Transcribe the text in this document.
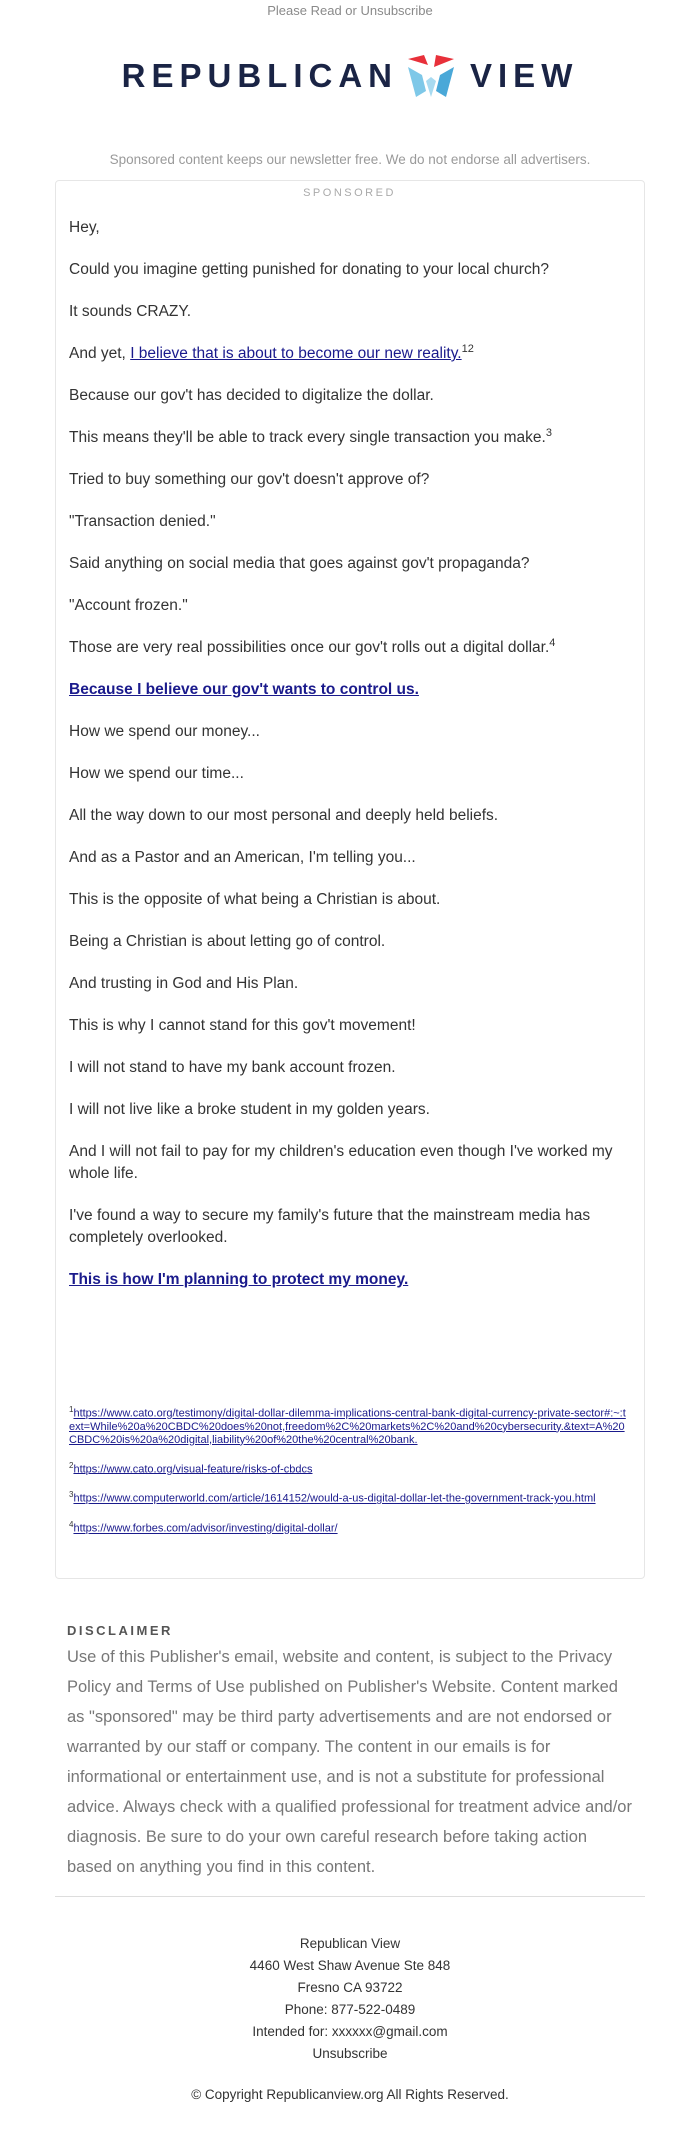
Please Read or Unsubscribe
REPUBLICAN VIEW
Sponsored content keeps our newsletter free. We do not endorse all advertisers.
SPONSORED

Hey,

Could you imagine getting punished for donating to your local church?

It sounds CRAZY.

And yet, I believe that is about to become our new reality.$^{12}$

Because our gov't has decided to digitalize the dollar.

This means they'll be able to track every single transaction you make.$^3$

Tried to buy something our gov't doesn't approve of?

"Transaction denied."

Said anything on social media that goes against gov't propaganda?

"Account frozen."

Those are very real possibilities once our gov't rolls out a digital dollar.$^4$

Because I believe our gov't wants to control us.

How we spend our money...

How we spend our time...

All the way down to our most personal and deeply held beliefs.

And as a Pastor and an American, I'm telling you...

This is the opposite of what being a Christian is about.

Being a Christian is about letting go of control.

And trusting in God and His Plan.

This is why I cannot stand for this gov't movement!

I will not stand to have my bank account frozen.

I will not live like a broke student in my golden years.

And I will not fail to pay for my children's education even though I've worked my whole life.

I've found a way to secure my family's future that the mainstream media has completely overlooked.

This is how I'm planning to protect my money.

$^1$https://www.cato.org/testimony/digital-dollar-dilemma-implications-central-bank-digital-currency-private-sector#:~:text=While%20a%20CBDC%20does%20not,freedom%2C%20markets%2C%20and%20cybersecurity.&text=A%20CBDC%20is%20a%20digital,liability%20of%20the%20central%20bank.
$^2$https://www.cato.org/visual-feature/risks-of-cbdcs
$^3$https://www.computerworld.com/article/1614152/would-a-us-digital-dollar-let-the-government-track-you.html
$^4$https://www.forbes.com/advisor/investing/digital-dollar/
DISCLAIMER

Use of this Publisher's email, website and content, is subject to the Privacy Policy and Terms of Use published on Publisher's Website. Content marked as "sponsored" may be third party advertisements and are not endorsed or warranted by our staff or company. The content in our emails is for informational or entertainment use, and is not a substitute for professional advice. Always check with a qualified professional for treatment advice and/or diagnosis. Be sure to do your own careful research before taking action based on anything you find in this content.

Republican View
4460 West Shaw Avenue Ste 848
Fresno CA 93722
Phone: 877-522-0489
Intended for: xxxxxx@gmail.com
Unsubscribe
© Copyright Republicanview.org All Rights Reserved.
